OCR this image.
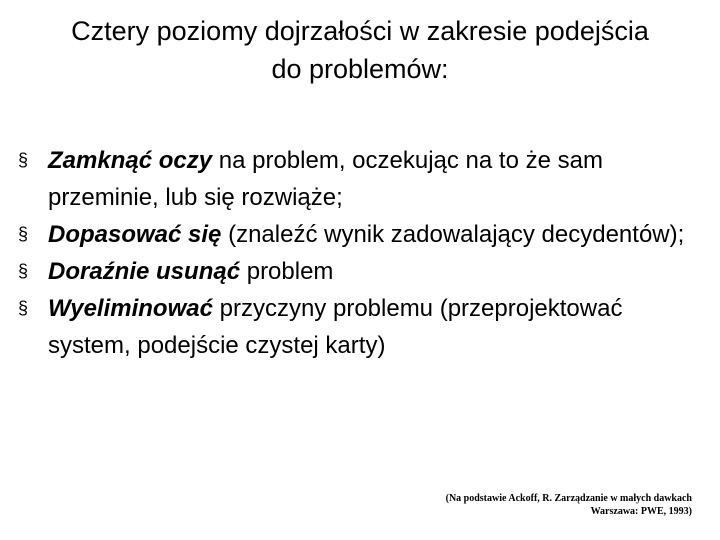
Cztery poziomy dojrzałości w zakresie podejścia
do problemów:
§ Zamknąć oczy na problem, oczekując na to że sam przeminie, lub się rozwiąże;
§ Dopasować się (znaleźć wynik zadowalający decydentów);
§ Doraźnie usunąć problem
§ Wyeliminować przyczyny problemu (przeprojektować system, podejście czystej karty)
(Na podstawie Ackoff, R. Zarządzanie w małych dawkach
Warszawa: PWE, 1993)
